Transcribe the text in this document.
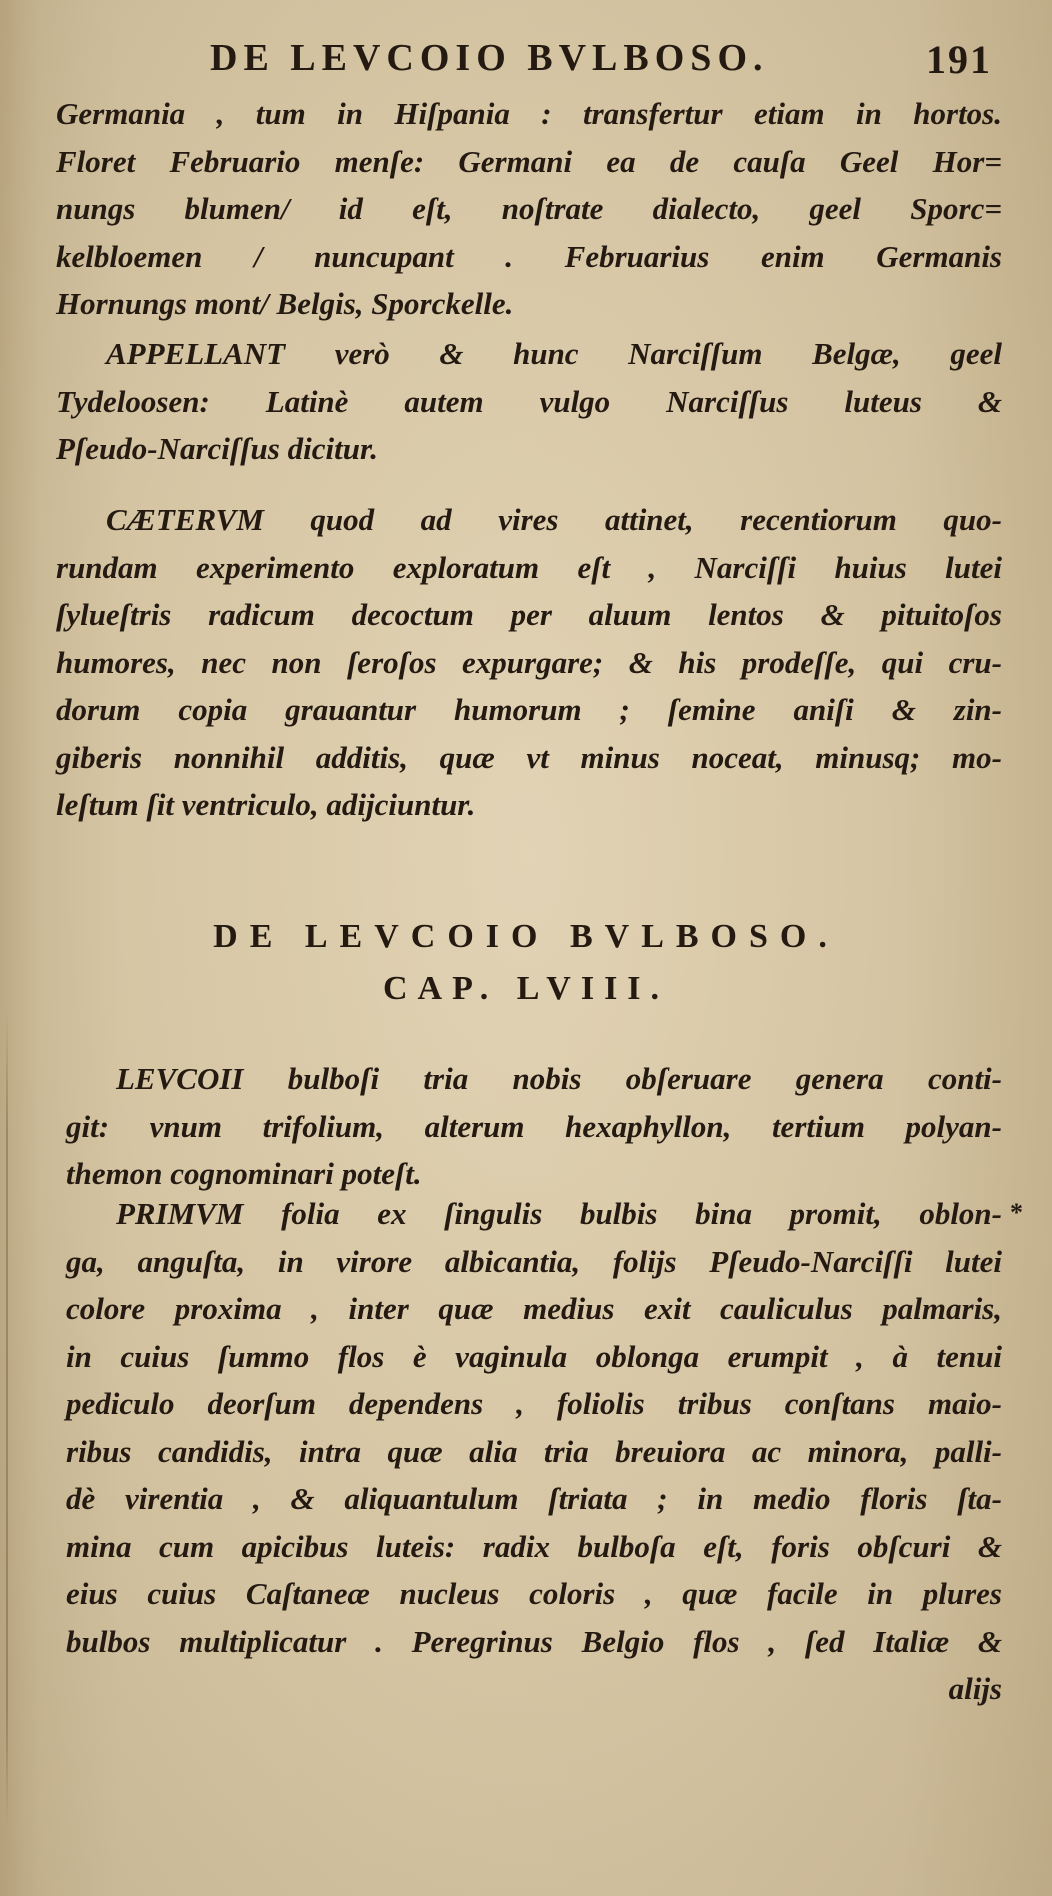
DE LEVCOIO BVLBOSO.	191
Germania , tum in Hiſpania : transfertur etiam in hortos.
Floret Februario menſe: Germani ea de cauſa Geel Hor=
nungs blumen/ id eſt, noſtrate dialecto, geel Sporc=
kelbloemen / nuncupant . Februarius enim Germanis
Hornungs mont/ Belgis, Sporckelle.
APPELLANT verò & hunc Narciſſum Belgæ, geel
Tydeloosen: Latinè autem vulgo Narciſſus luteus &
Pſeudo-Narciſſus dicitur.
CÆTERVM quod ad vires attinet, recentiorum quo-
rundam experimento exploratum eſt , Narciſſi huius lutei
ſylueſtris radicum decoctum per aluum lentos & pituitoſos
humores, nec non ſeroſos expurgare; & his prodeſſe, qui cru-
dorum copia grauantur humorum ; ſemine aniſi & zin-
giberis nonnihil additis, quæ vt minus noceat, minusq; mo-
leſtum ſit ventriculo, adijciuntur.
DE LEVCOIO BVLBOSO.
CAP. LVIII.
LEVCOII bulboſi tria nobis obſeruare genera conti-
git: vnum trifolium, alterum hexaphyllon, tertium polyan-
themon cognominari poteſt.
*
PRIMVM folia ex ſingulis bulbis bina promit, oblon-
ga, anguſta, in virore albicantia, folijs Pſeudo-Narciſſi lutei
colore proxima , inter quæ medius exit cauliculus palmaris,
in cuius ſummo flos è vaginula oblonga erumpit , à tenui
pediculo deorſum dependens , foliolis tribus conſtans maio-
ribus candidis, intra quæ alia tria breuiora ac minora, palli-
dè virentia , & aliquantulum ſtriata ; in medio floris ſta-
mina cum apicibus luteis: radix bulboſa eſt, foris obſcuri &
eius cuius Caſtaneæ nucleus coloris , quæ facile in plures
bulbos multiplicatur . Peregrinus Belgio flos , ſed Italiæ &
alijs
